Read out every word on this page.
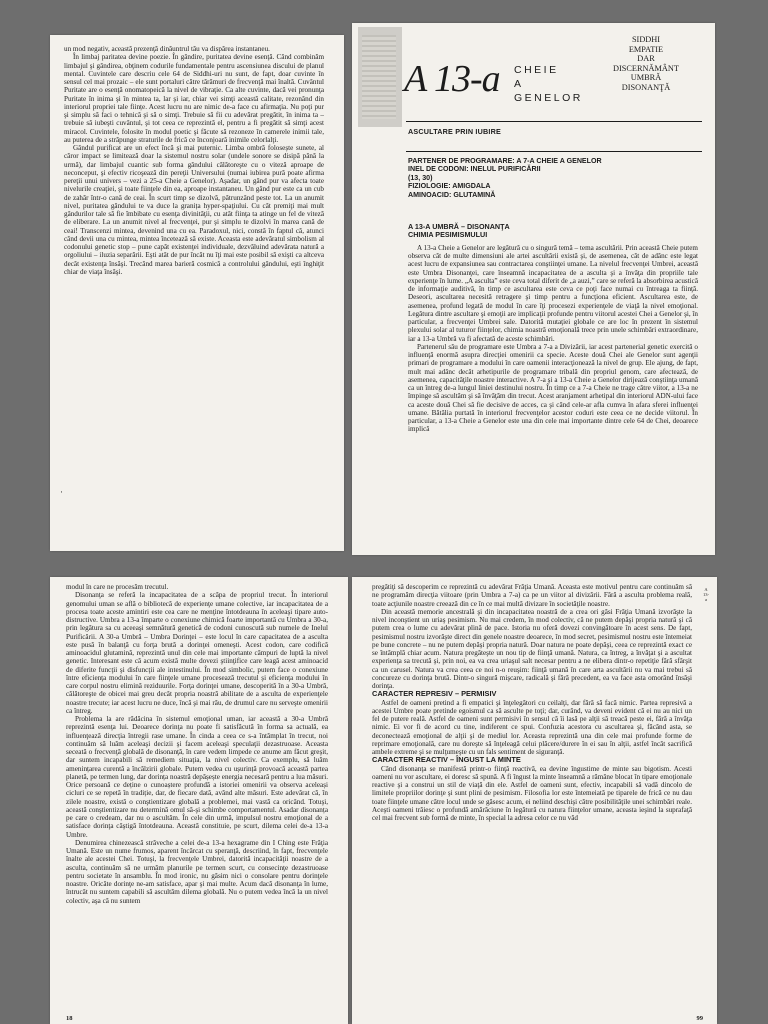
un mod negativ, această prezenţă dinăuntrul tău va dispărea instantaneu.

În limbaj paritatea devine poezie. În gândire, puritatea devine esenţă. Când combinăm limbajul şi gândirea, obţinem codurile fundamentale pentru ascensiunea discului de planul mental. Cuvintele care descriu cele 64 de Siddhi-uri nu sunt, de fapt, doar cuvinte în sensul cel mai prozaic – ele sunt portaluri către tărâmuri de frecvenţă mai înaltă. Cuvântul Puritate are o esenţă onomatopeică la nivel de vibraţie. Ca alte cuvinte, dacă vei pronunţa Puritate în inima şi în mintea ta, lar şi iar, chiar vei simţi această calitate, rezonând din interiorul propriei tale ființe. Acest lucru nu are nimic de-a face cu afirmaţia. Nu poţi pur şi simplu să faci o tehnică şi să o simţi. Trebuie să fii cu adevărat pregătit, în inima ta – trebuie să iubeşti cuvântul, şi tot ceea ce reprezintă el, pentru a fi pregătit să simţi acest miracol. Cuvintele, folosite în modul poetic şi făcute să rezoneze în camerele inimii tale, au puterea de a străpunge straturile de frică ce înconjoară inimile celorlalţi.

Gândul purificat are un efect încă şi mai puternic. Limba ombră folosește sunete, al căror impact se limitează doar la sistemul nostru solar (undele sonore se disipă până la urmă), dar limbajul cuantic sub forma gândului călătoreşte cu o viteză aproape de neconceput, şi efectiv ricoşează din pereţii Universului (numai iubirea pură poate afirma pereţii unui univers – vezi a 25-a Cheie a Genelor). Aşadar, un gând pur va afecta toate nivelurile creaţiei, şi toate fiinţele din ea, aproape instantaneu. Un gând pur este ca un cub de zahăr într-o cană de ceai. În scurt timp se dizolvă, pătrunzând peste tot. La un anumit nivel, puritatea gândului te va duce la granița hyper-spaţiului. Cu cât premiţi mai mult gândurilor tale să fie îmbibate cu esenţa divinităţii, cu atât fiinţa ta atinge un fel de viteză de eliberare. La un anumit nivel al frecvenţei, pur şi simplu te dizolvi în marea cană de ceai! Transcenzi mintea, devenind una cu ea. Paradoxul, nici, constă în faptul că, atunci când devii una cu mintea, mintea încetează să existe. Aceasta este adevăratul simbolism al codonului genetic stop – pune capăt existenţei individuale, dezvăluind adevărata natură a orgoliului – iluzia separării. Eşti atât de pur încât nu îţi mai este posibil să exişti ca altceva decât existenţa însăşi. Trecând marea barieră cosmică a controlului gândului, eşti înghiţit chiar de viaţa însăşi.

·
A 13-a CHEIE
A
GENELOR
SIDDHI
EMPATIE
DAR
DISCERNĂMÂNT
UMBRĂ
DISONANŢĂ
ASCULTARE PRIN IUBIRE
PARTENER DE PROGRAMARE: A 7-A CHEIE A GENELOR
INEL DE CODONI: INELUL PURIFICĂRII
(13, 30)
FIZIOLOGIE: AMIGDALA
AMINOACID: GLUTAMINĂ
A 13-A UMBRĂ – DISONANŢA
CHIMIA PESIMISMULUI

A 13-a Cheie a Genelor are legătură cu o singură temă – tema ascultării. Prin această Cheie putem observa cât de multe dimensiuni ale artei ascultării există şi, de asemenea, cât de adânc este legat acest lucru de expansiunea sau contractarea conştiinţei umane. La nivelul frecvenţei Umbrei, această este Umbra Disonanţei, care înseamnă incapacitatea de a asculta şi a învăţa din propriile tale experienţe în lume. „A asculta” este ceva total diferit de „a auzi,” care se referă la absorbirea acustică de informaţie auditivă, în timp ce ascultarea este ceva ce poţi face numai cu întreaga ta fiinţă. Deseori, ascultarea necesită retragere şi timp pentru a funcţiona eficient. Ascultarea este, de asemenea, profund legată de modul în care îţi procesezi experienţele de viaţă la nivel emoţional. Legătura dintre ascultare şi emoţii are implicaţii profunde pentru viitorul acestei Chei a Genelor şi, în particular, a frecvenţei Umbrei sale. Datorită mutaţiei globale ce are loc în prezent în sistemul plexului solar al tuturor fiinţelor, chimia noastră emoţională trece prin unele schimbări extraordinare, iar a 13-a Umbră va fi afectată de aceste schimbări.

Partenerul său de programare este Umbra a 7-a a Divizării, iar acest partenerial genetic exercită o influenţă enormă asupra direcţiei omenirii ca specie. Aceste două Chei ale Genelor sunt agenţii primari de programare a modului în care oamenii interacţionează la nivel de grup. Ele ajung, de fapt, mult mai adânc decât arhetipurile de programare tribală din propriul genom, care afectează, de asemenea, capacităţile noastre interactive. A 7-a şi a 13-a Cheie a Genelor dirijează conştiinţa umană ca un întreg de-a lungul liniei destinului nostru. În timp ce a 7-a Cheie ne trage către viitor, a 13-a ne împinge să ascultăm şi să învăţăm din trecut. Acest aranjament arhetipal din interiorul ADN-ului face ca aceste două Chei să fie decisive de acces, ca şi când cele-ar afla cumva în afara sferei influenţei umane. Bătălia purtată în interiorul frecvenţelor acestor coduri este ceea ce ne decide viitorul. În particular, a 13-a Cheie a Genelor este una din cele mai importante dintre cele 64 de Chei, deoarece implică

modul în care ne procesăm trecutul.

Disonanţa se referă la incapacitatea de a scăpa de propriul trecut. În interiorul genomului uman se află o bibliotecă de experienţe umane colective, iar incapacitatea de a procesa toate aceste amintiri este cea care ne menţine întotdeauna în aceleaşi tipare auto-distructive. Umbra a 13-a împarte o conexiune chimică foarte importantă cu Umbra a 30-a, prin legătura sa cu aceeaşi semnătură genetică de codoni cunoscută sub numele de Inelul Purificării. A 30-a Umbră – Umbra Dorinţei – este locul în care capacitatea de a asculta este pusă în balanţă cu forţa brută a dorinţei omeneşti. Acest codon, care codifică aminoacidul glutamină, reprezintă unul din cele mai importante câmpuri de luptă la nivel genetic. Interesant este că acum există multe dovezi ştiinţifice care leagă acest aminoacid de diferite funcţii şi disfuncţii ale intestinului. În mod simbolic, putem face o conexiune între eficienţa modului în care fiinţele umane procesează trecutul şi eficienţa modului în care corpul nostru elimină reziduurile. Forţa dorinţei umane, descoperită în a 30-a Umbră, călătoreşte de obicei mai greu decât propria noastră abilitate de a asculta de experienţele noastre trecute; iar acest lucru ne duce, încă şi mai rău, de drumul care nu serveşte omenirii ca întreg.

Problema la are rădăcina în sistemul emoţional uman, iar această a 30-a Umbră reprezintă esenţa lui. Deoarece dorinţa nu poate fi satisfăcută în forma sa actuală, ea influenţează direcţia întregii rase umane. În cinda a ceea ce s-a întâmplat în trecut, noi continuăm să luăm aceleaşi decizii şi facem aceleaşi speculaţii dezastruoase. Aceasta seceată o frecvenţă globală de disonanţă, în care vedem limpede ce anume am făcut greşit, dar suntem incapabili să remediem situaţia, la nivel colectiv. Ca exemplu, să luăm amenințarea curentă a încălzirii globale. Putem vedea cu ușurință provoacă această partea planetă, pe termen lung, dar dorința noastră depășește energia necesară pentru a lua măsuri. Orice persoană ce deține o cunoaștere profundă a istoriei omenirii va observa aceleași cicluri ce se repetă în tradiție, dar, de fiecare dată, având alte măsuri. Este adevărat că, în zilele noastre, există o conştientizare globală a problemei, mai vastă ca oricând. Totuşi, această conştientizare nu determină omul să-şi schimbe comportamentul. Asadar disonanța pe care o credeam, dar nu o ascultăm. În cele din urmă, impulsul nostru emoţional de a satisface dorinţa câştigă întotdeauna. Această constituie, pe scurt, dilema celei de-a 13-a Umbre.

Denumirea chinezească străveche a celei de-a 13-a hexagrame din I Ching este Frăţia Umană. Este un nume frumos, aparent încărcat cu speranţă, descriind, în fapt, frecvenţele înalte ale acestei Chei. Totuşi, la frecvenţele Umbrei, datorită incapacităţii noastre de a asculta, continuăm să ne urmăm planurile pe termen scurt, cu consecinţe dezastruoase pentru societate în ansamblu. În mod ironic, nu găsim nici o consolare pentru dorinţele noastre. Oricâte dorinţe ne-am satisface, apar şi mai multe. Acum dacă disonanţa în lume, întrucât nu suntem capabili să ascultăm dilema globală. Nu o putem vedea încă la un nivel colectiv, aşa că nu suntem

18

pregătiţi să descoperim ce reprezintă cu adevărat Frăţia Umană. Aceasta este motivul pentru care continuăm să ne programăm direcţia viitoare (prin Umbra a 7-a) ca pe un viitor al divizării. Fără a asculta problema reală, toate acţiunile noastre creează din ce în ce mai multă divizare în societăţile noastre.

Din această memorie ancestrală şi din incapacitatea noastră de a crea ori găsi Frăţia Umană izvorăşte la nivel inconştient un uriaş pesimism. Nu mai credem, în mod colectiv, că ne putem depăşi propria natură şi că putem crea o lume cu adevărat plină de pace. Istoria nu oferă dovezi convingătoare în acest sens. De fapt, pesimismul nostru izvorăşte direct din genele noastre deoarece, în mod secret, pesimismul nostru este întemeiat pe bune concrete – nu ne putem depăşi propria natură. Doar natura ne poate depăşi, ceea ce reprezintă exact ce se întâmplă chiar acum. Natura pregăteşte un nou tip de fiinţă umană. Natura, ca întreg, a învăţat şi a ascultat experienţa sa trecută şi, prin noi, ea va crea uriaşul salt necesar pentru a ne elibera dintr-o repetiţie fără sfârşit ca un carusel. Natura va crea ceea ce noi n-o reuşim: fiinţă umană în care arta ascultării nu va mai trebui să concureze cu dorinţa brută. Dintr-o singură mişcare, radicală şi fără precedent, ea va face asta omorând însăşi dorinţa.

CARACTER REPRESIV – PERMISIV

Astfel de oameni pretind a fi empatici şi înţelegători cu ceilalţi, dar fără să facă nimic. Partea represivă a acestei Umbre poate pretinde egoismul ca să asculte pe toţi; dar, curând, va deveni evident că ei nu au nici un fel de putere reală. Astfel de oameni sunt permisivi în sensul că îi lasă pe alţii să treacă peste ei, fără a învăţa nimic. Ei vor fi de acord cu tine, indiferent ce spui. Confuzia acestora cu ascultarea şi, făcând asta, se deconectează emoţional de alţii şi de mediul lor. Aceasta reprezintă una din cele mai profunde forme de reprimare emoţională, care nu doreşte să înţeleagă celui plăcere/durere în ei sau în alţii, astfel încât sacrifică ambele extreme şi se mulţumeşte cu un fals sentiment de siguranţă.

CARACTER REACTIV – ÎNGUST LA MINTE

Când disonanţa se manifestă printr-o fiinţă reactivă, ea devine îngustime de minte sau bigotism. Acesti oameni nu vor ascultare, ei doresc să spună. A fi îngust la minte înseamnă a rămâne blocat în tipare emoţionale reactive şi a construi un stil de viaţă din ele. Astfel de oameni sunt, efectiv, incapabili să vadă dincolo de limitele propriilor dorinţe şi sunt plini de pesimism. Filosofia lor este întemeiată pe tiparele de frică ce nu dau toate fiinţele umane către locul unde se găsesc acum, ei neliind deschişi către posibilităţile unei schimbări reale. Aceşti oameni trăiesc o profundă amărăciune în legătură cu natura fiinţelor umane, aceasta ieşind la suprafaţă cel mai frecvent sub formă de minte, în special la adresa celor ce nu văd

A 13-a
99
